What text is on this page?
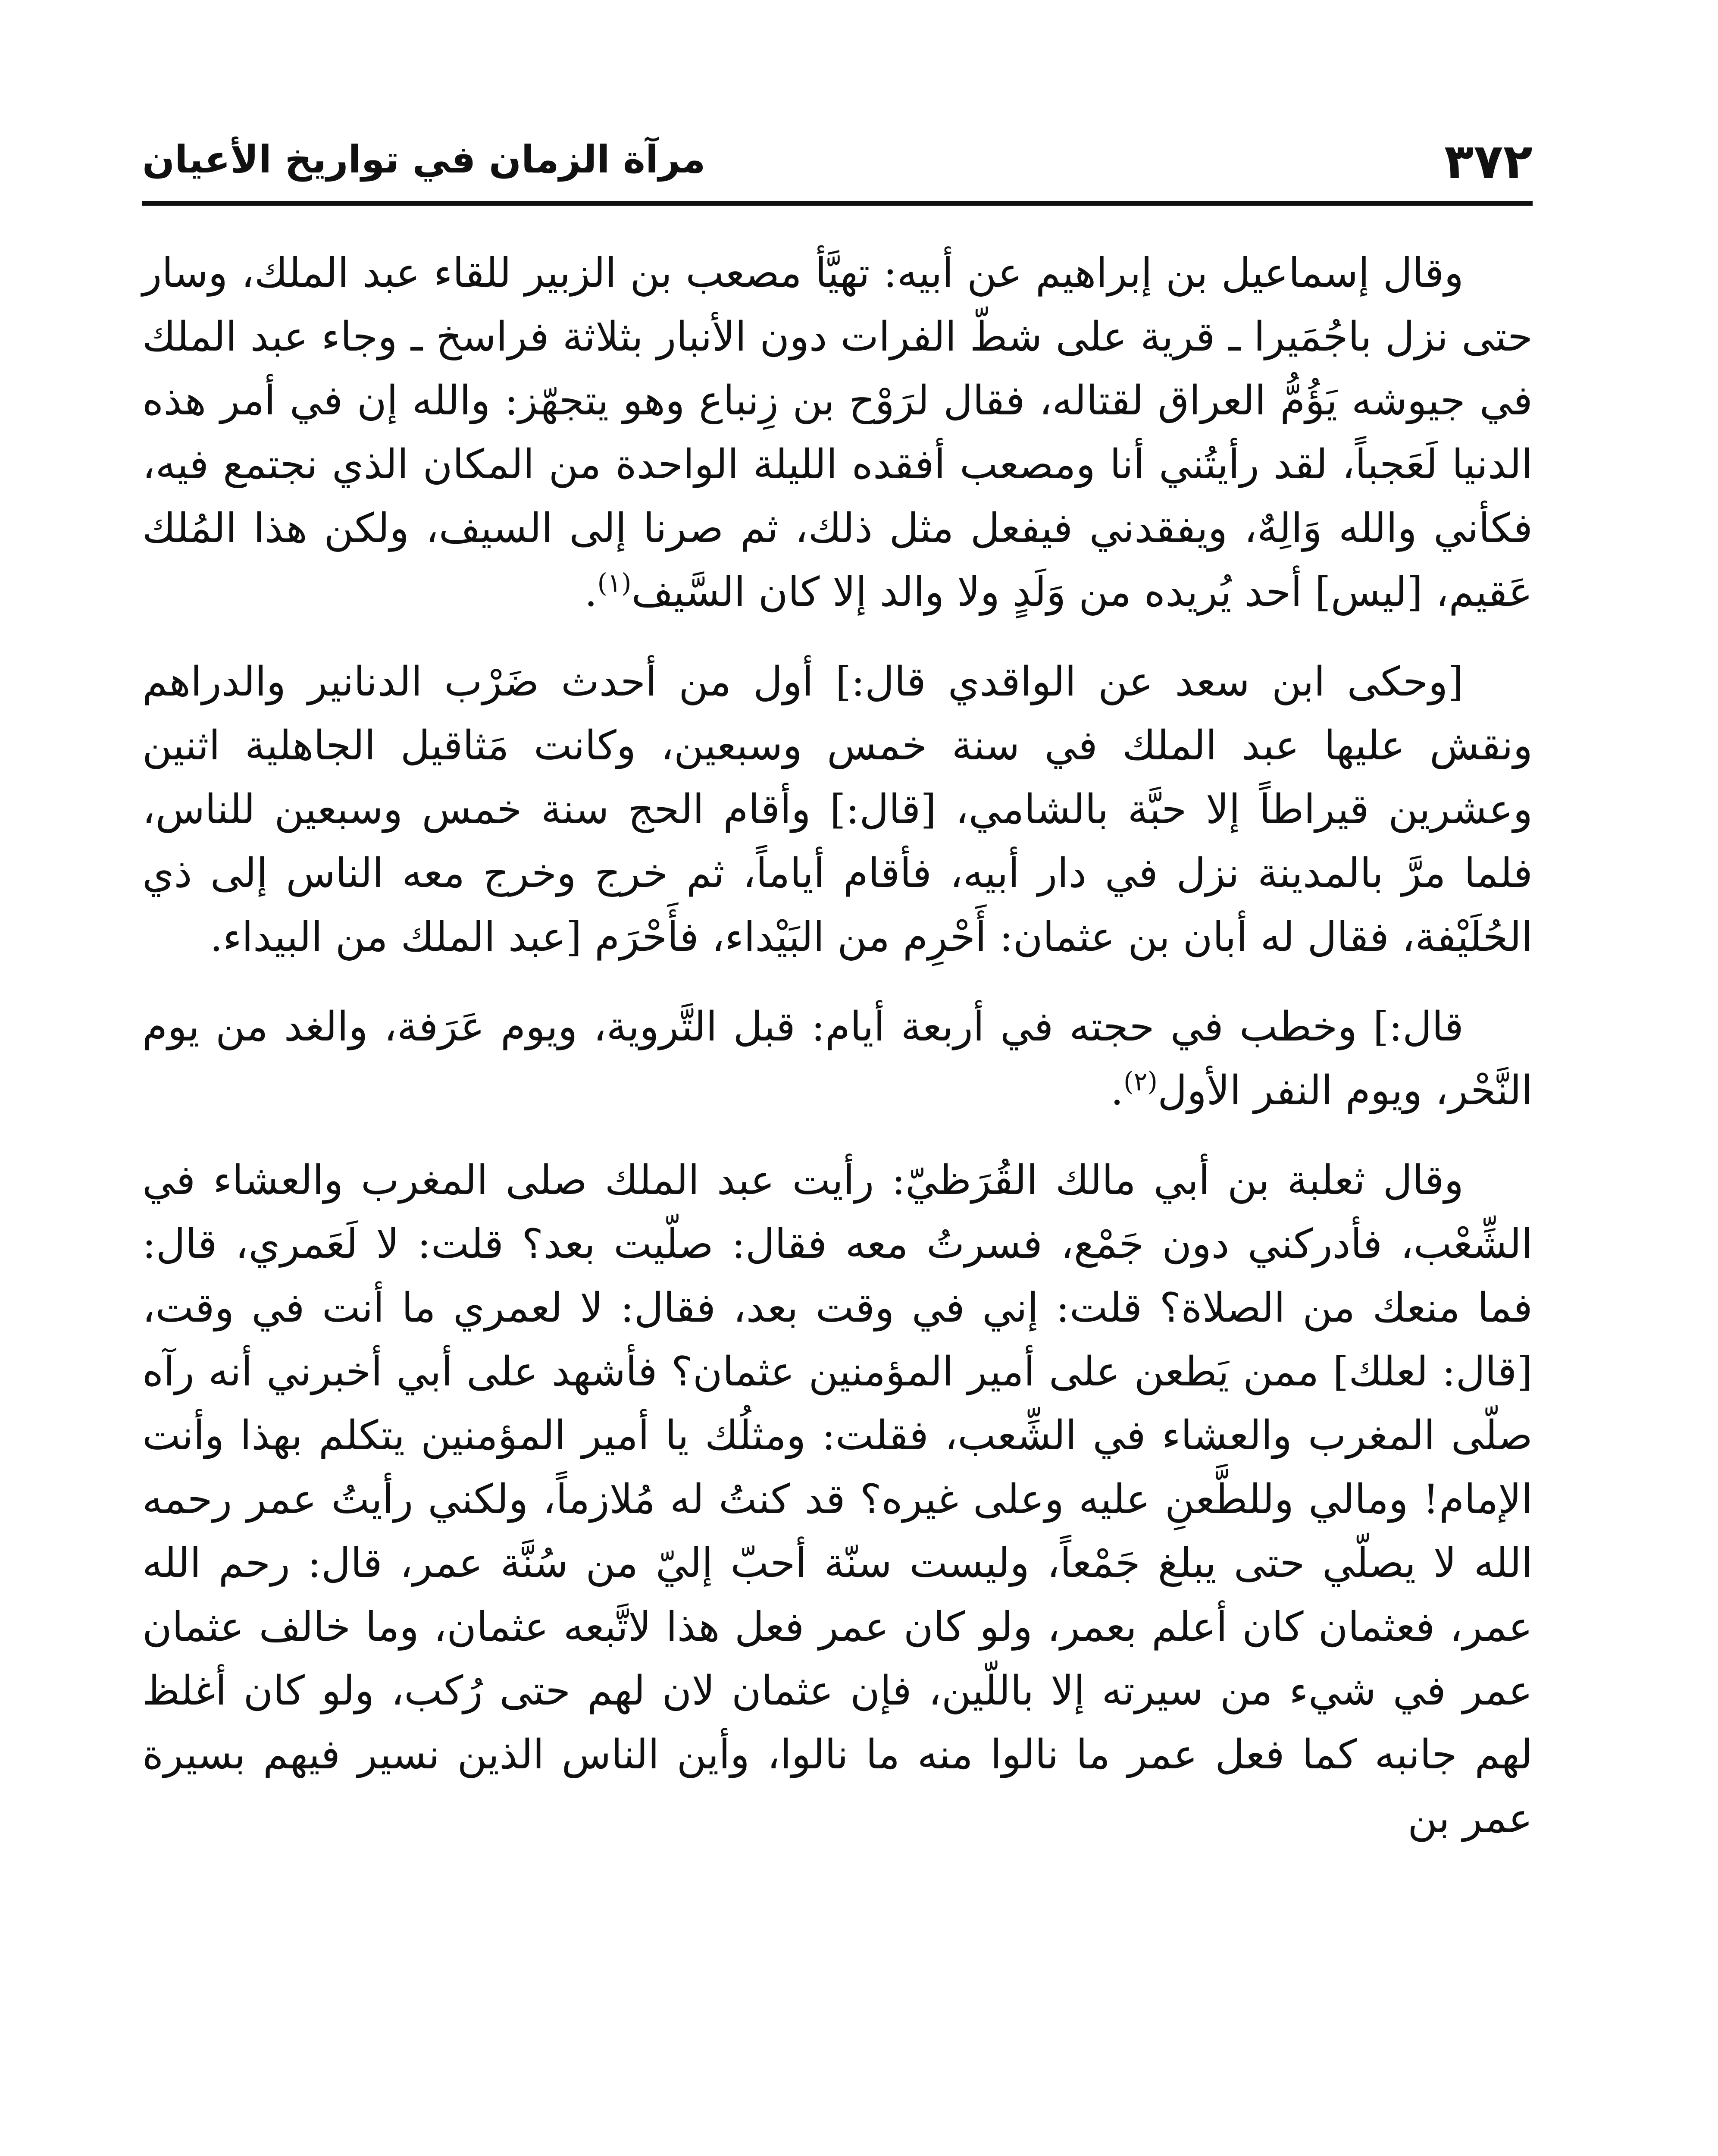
٣٧٢
مرآة الزمان في تواريخ الأعيان

وقال إسماعيل بن إبراهيم عن أبيه: تهيَّأ مصعب بن الزبير للقاء عبد الملك، وسار حتى نزل باجُمَيرا ـ قرية على شطّ الفرات دون الأنبار بثلاثة فراسخ ـ وجاء عبد الملك في جيوشه يَؤُمُّ العراق لقتاله، فقال لرَوْح بن زِنباع وهو يتجهّز: والله إن في أمر هذه الدنيا لَعَجباً، لقد رأيتُني أنا ومصعب أفقده الليلة الواحدة من المكان الذي نجتمع فيه، فكأني والله وَالِهٌ، ويفقدني فيفعل مثل ذلك، ثم صرنا إلى السيف، ولكن هذا المُلك عَقيم، [ليس] أحد يُريده من وَلَدٍ ولا والد إلا كان السَّيف$^{(١)}$.

[وحكى ابن سعد عن الواقدي قال:] أول من أحدث ضَرْب الدنانير والدراهم ونقش عليها عبد الملك في سنة خمس وسبعين، وكانت مَثاقيل الجاهلية اثنين وعشرين قيراطاً إلا حبَّة بالشامي، [قال:] وأقام الحج سنة خمس وسبعين للناس، فلما مرَّ بالمدينة نزل في دار أبيه، فأقام أياماً، ثم خرج وخرج معه الناس إلى ذي الحُلَيْفة، فقال له أبان بن عثمان: أَحْرِم من البَيْداء، فأَحْرَم [عبد الملك من البيداء.

قال:] وخطب في حجته في أربعة أيام: قبل التَّروية، ويوم عَرَفة، والغد من يوم النَّحْر، ويوم النفر الأول$^{(٢)}$.

وقال ثعلبة بن أبي مالك القُرَظيّ: رأيت عبد الملك صلى المغرب والعشاء في الشِّعْب، فأدركني دون جَمْع، فسرتُ معه فقال: صلّيت بعد؟ قلت: لا لَعَمري، قال: فما منعك من الصلاة؟ قلت: إني في وقت بعد، فقال: لا لعمري ما أنت في وقت، [قال: لعلك] ممن يَطعن على أمير المؤمنين عثمان؟ فأشهد على أبي أخبرني أنه رآه صلّى المغرب والعشاء في الشِّعب، فقلت: ومثلُك يا أمير المؤمنين يتكلم بهذا وأنت الإمام! ومالي وللطَّعنِ عليه وعلى غيره؟ قد كنتُ له مُلازماً، ولكني رأيتُ عمر رحمه الله لا يصلّي حتى يبلغ جَمْعاً، وليست سنّة أحبّ إليّ من سُنَّة عمر، قال: رحم الله عمر، فعثمان كان أعلم بعمر، ولو كان عمر فعل هذا لاتَّبعه عثمان، وما خالف عثمان عمر في شيء من سيرته إلا باللّين، فإن عثمان لان لهم حتى رُكب، ولو كان أغلظ لهم جانبه كما فعل عمر ما نالوا منه ما نالوا، وأين الناس الذين نسير فيهم بسيرة عمر بن
